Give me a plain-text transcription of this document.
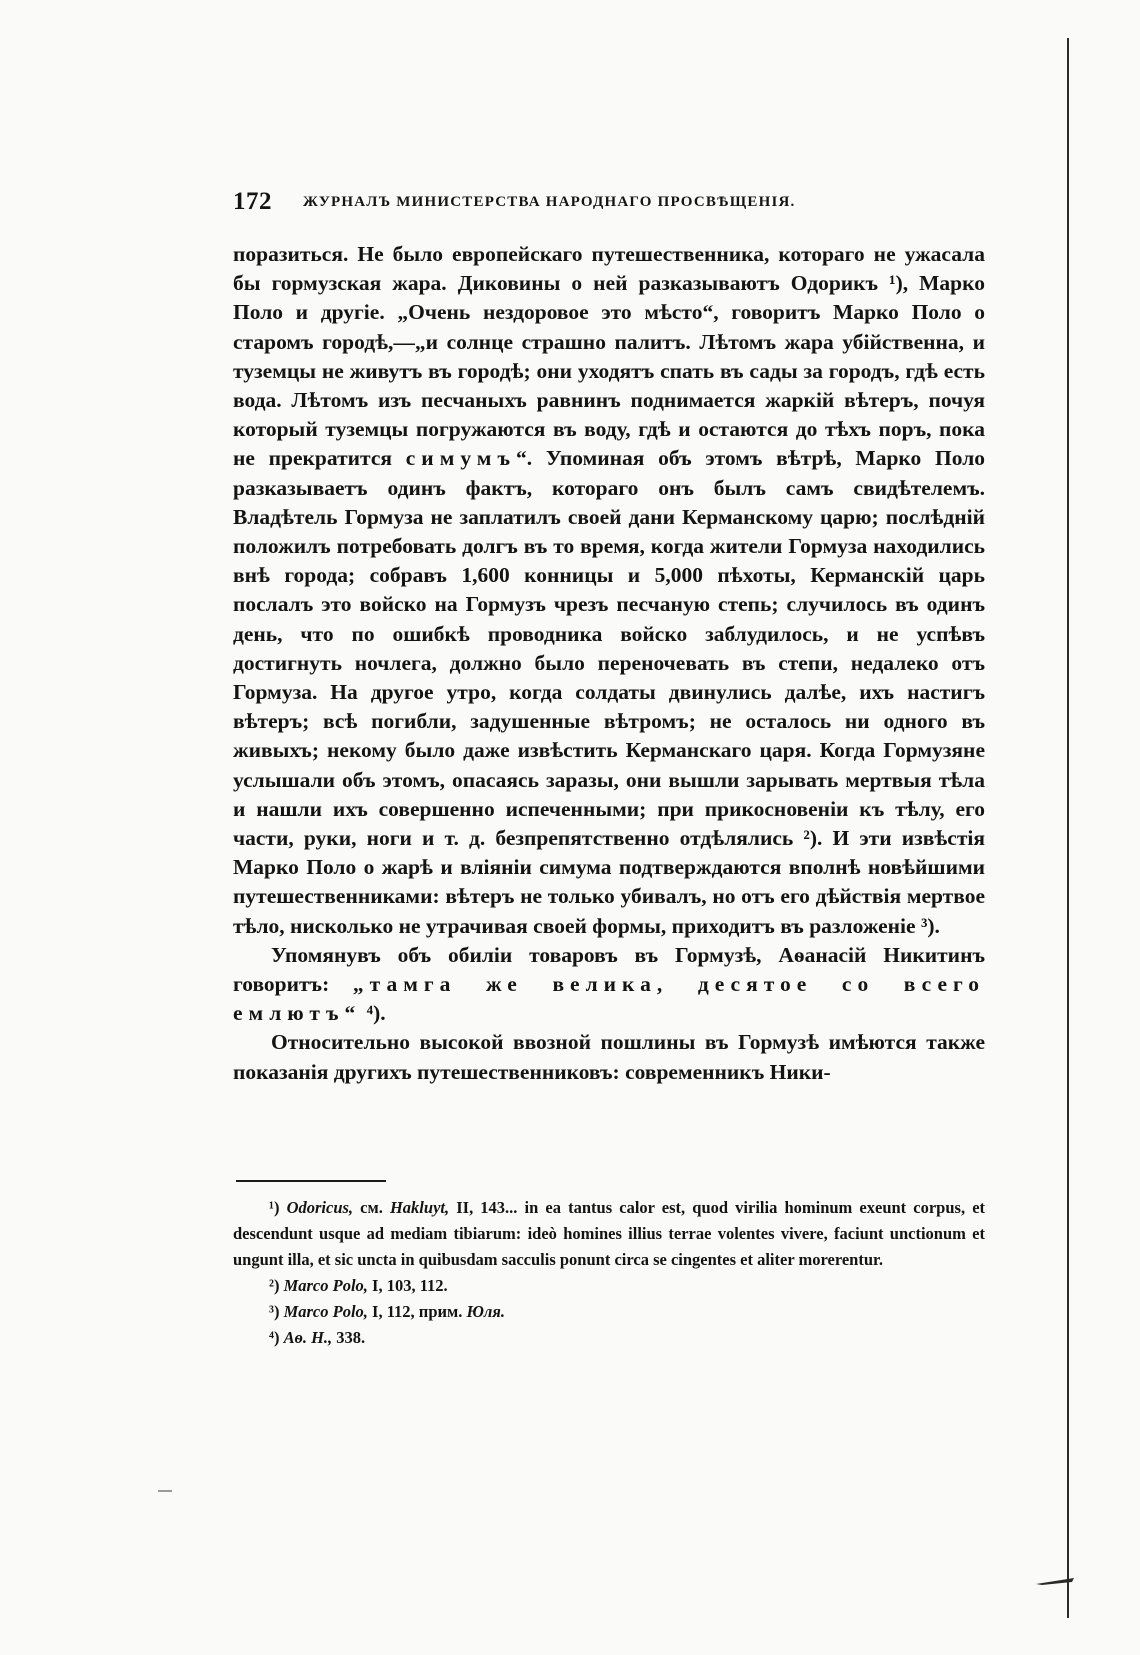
172 ЖУРНАЛЪ МИНИСТЕРСТВА НАРОДНАГО ПРОСВѢЩЕНІЯ.

поразиться. Не было европейскаго путешественника, котораго не ужасала бы гормузская жара. Диковины о ней разказываютъ Одорикъ ¹), Марко Поло и другіе. „Очень нездоровое это мѣсто“, говоритъ Марко Поло о старомъ городѣ,—„и солнце страшно палитъ. Лѣтомъ жара убійственна, и туземцы не живутъ въ городѣ; они уходятъ спать въ сады за городъ, гдѣ есть вода. Лѣтомъ изъ песчаныхъ равнинъ поднимается жаркій вѣтеръ, почуя который туземцы погружаются въ воду, гдѣ и остаются до тѣхъ поръ, пока не прекратится симумъ“. Упоминая объ этомъ вѣтрѣ, Марко Поло разказываетъ одинъ фактъ, котораго онъ былъ самъ свидѣтелемъ. Владѣтель Гормуза не заплатилъ своей дани Керманскому царю; послѣдній положилъ потребовать долгъ въ то время, когда жители Гормуза находились внѣ города; собравъ 1,600 конницы и 5,000 пѣхоты, Керманскій царь послалъ это войско на Гормузъ чрезъ песчаную степь; случилось въ одинъ день, что по ошибкѣ проводника войско заблудилось, и не успѣвъ достигнуть ночлега, должно было переночевать въ степи, недалеко отъ Гормуза. На другое утро, когда солдаты двинулись далѣе, ихъ настигъ вѣтеръ; всѣ погибли, задушенные вѣтромъ; не осталось ни одного въ живыхъ; некому было даже извѣстить Керманскаго царя. Когда Гормузяне услышали объ этомъ, опасаясь заразы, они вышли зарывать мертвыя тѣла и нашли ихъ совершенно испеченными; при прикосновеніи къ тѣлу, его части, руки, ноги и т. д. безпрепятственно отдѣлялись ²). И эти извѣстія Марко Поло о жарѣ и вліяніи симума подтверждаются вполнѣ новѣйшими путешественниками: вѣтеръ не только убивалъ, но отъ его дѣйствія мертвое тѣло, нисколько не утрачивая своей формы, приходитъ въ разложеніе ³).

Упомянувъ объ обиліи товаровъ въ Гормузѣ, Аѳанасій Никитинъ говоритъ: „тамга же велика, десятое со всего емлютъ“ ⁴).

Относительно высокой ввозной пошлины въ Гормузѣ имѣются также показанія другихъ путешественниковъ: современникъ Ники-

¹) Odoricus, см. Hakluyt, II, 143... in ea tantus calor est, quod virilia hominum exeunt corpus, et descendunt usque ad mediam tibiarum: ideò homines illius terrae volentes vivere, faciunt unctionum et ungunt illa, et sic uncta in quibusdam sacculis ponunt circa se cingentes et aliter morerentur.

²) Marco Polo, I, 103, 112.

³) Marco Polo, I, 112, прим. Юля.

⁴) Аѳ. Н., 338.
